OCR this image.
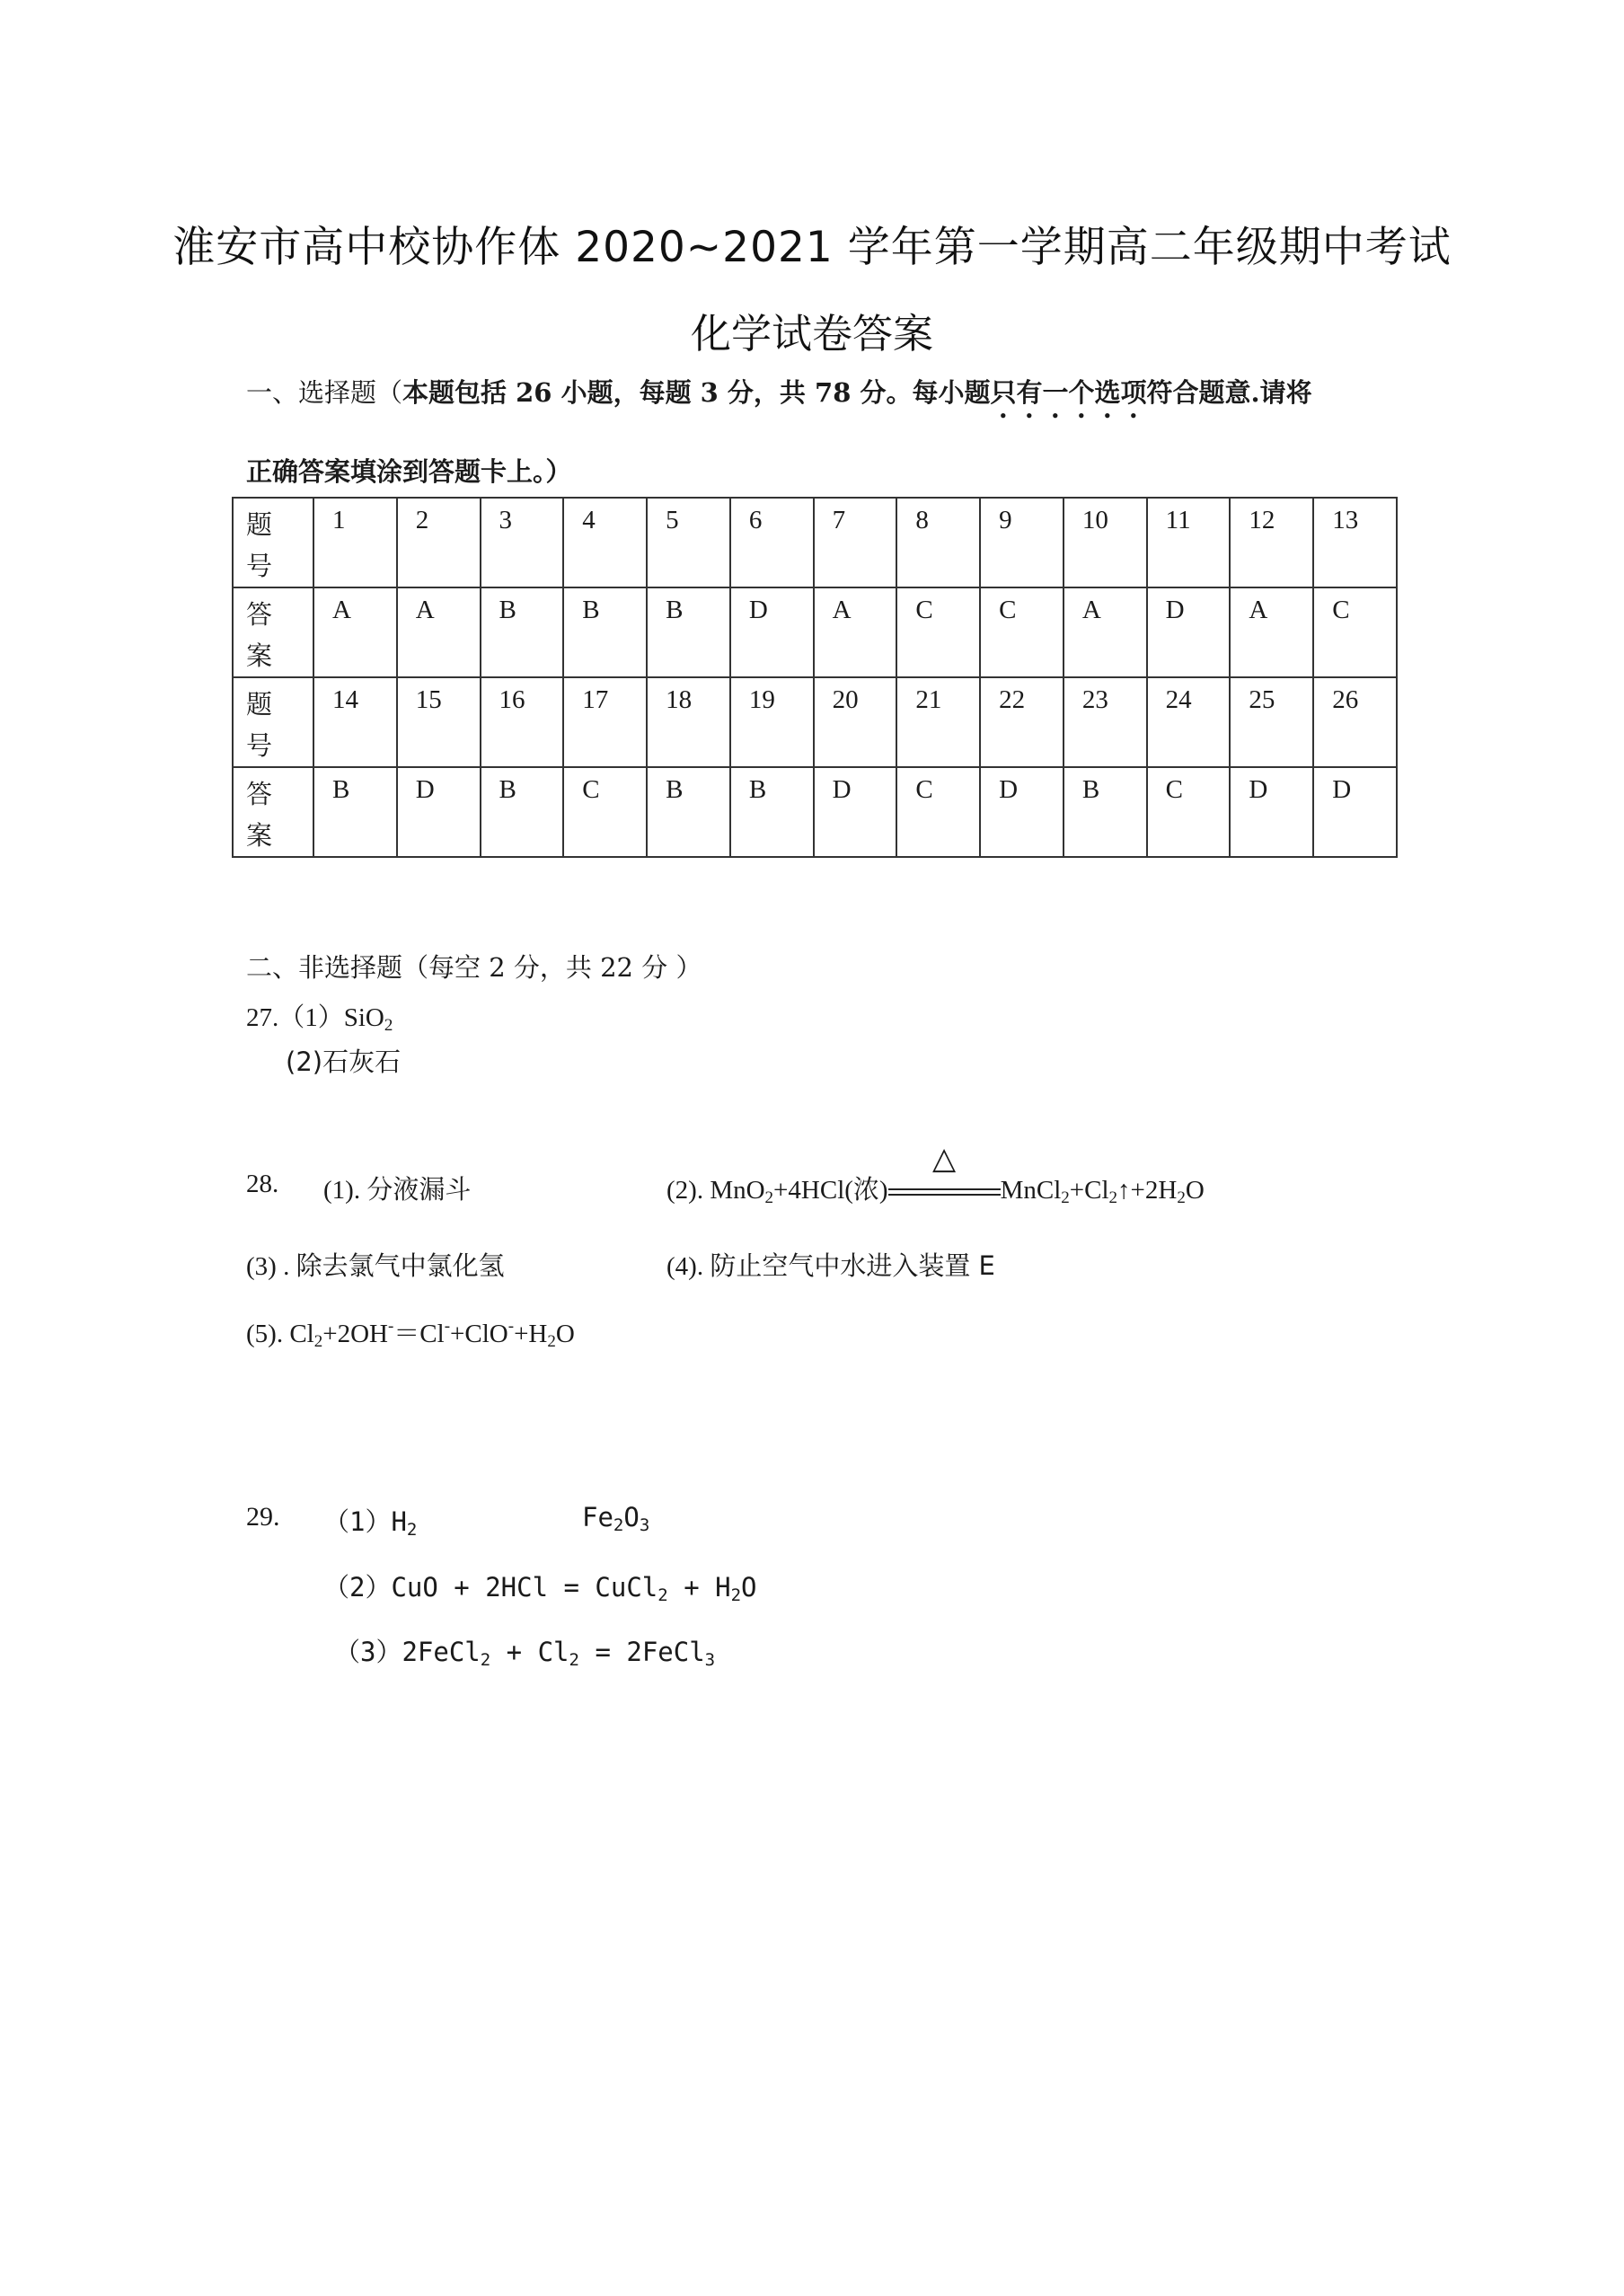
淮安市高中校协作体 2020~2021 学年第一学期高二年级期中考试
化学试卷答案
一、选择题（本题包括 26 小题，每题 3 分，共 78 分。每小题只有一个选项符合题意.请将
正确答案填涂到答题卡上。）
题
号	1	2	3	4	5	6	7	8	9	10	11	12	13

答
案	A	A	B	B	B	D	A	C	C	A	D	A	C

题
号	14	15	16	17	18	19	20	21	22	23	24	25	26

答
案	B	D	B	C	B	B	D	C	D	B	C	D	D
二、非选择题（每空 2 分，共 22 分 ）
27.（1）SiO$_2$
(2)石灰石
28. (1). 分液漏斗	(2). MnO$_2$+4HCl(浓)
△
$MnCl_2+Cl_2↑+2H_2O$
(3) . 除去氯气中氯化氢	(4). 防止空气中水进入装置 E
(5). $Cl_2+2OH^-=Cl^-+ClO^-+H_2O$
29. $(1)H_2$	$Fe_2O_3$
（2）CuO + 2HCl = CuCl$_2$ + $H_2O$
（3）2FeCl$_2$ + $Cl_2$ = 2FeCl$_3$
